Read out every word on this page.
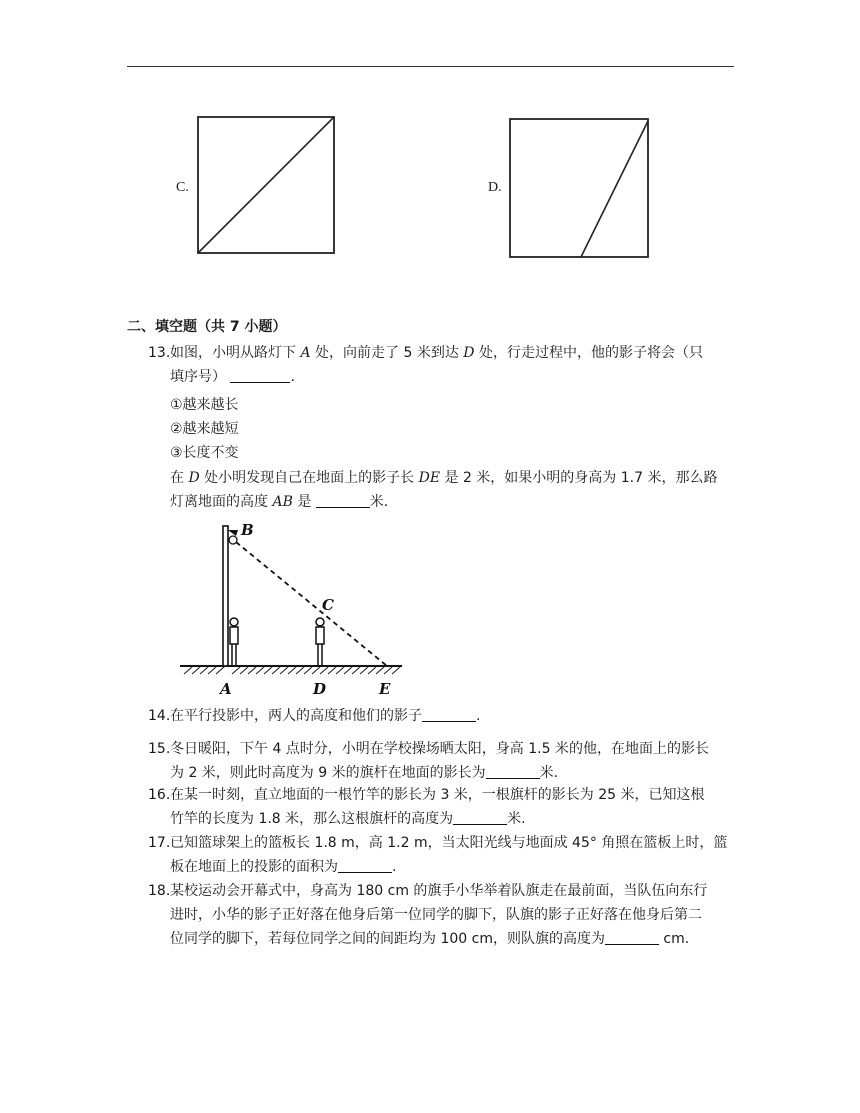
C.	D.
二、填空题（共 7 小题）
13. 如图，小明从路灯下 A 处，向前走了 5 米到达 D 处，行走过程中，他的影子将会（只
填序号）	.
①越来越长
②越来越短
③长度不变
在 D 处小明发现自己在地面上的影子长 DE 是 2 米，如果小明的身高为 1.7 米，那么路
灯离地面的高度 AB 是	米.
B
C
A	D	E
14. 在平行投影中，两人的高度和他们的影子	.
15. 冬日暖阳，下午 4 点时分，小明在学校操场晒太阳，身高 1.5 米的他，在地面上的影长
为 2 米，则此时高度为 9 米的旗杆在地面的影长为	米.
16. 在某一时刻，直立地面的一根竹竿的影长为 3 米，一根旗杆的影长为 25 米，已知这根
竹竿的长度为 1.8 米，那么这根旗杆的高度为	米.
17. 已知篮球架上的篮板长 1.8 m，高 1.2 m，当太阳光线与地面成 45° 角照在篮板上时，篮
板在地面上的投影的面积为	.
18. 某校运动会开幕式中，身高为 180 cm 的旗手小华举着队旗走在最前面，当队伍向东行
进时，小华的影子正好落在他身后第一位同学的脚下，队旗的影子正好落在他身后第二
位同学的脚下，若每位同学之间的间距均为 100 cm，则队旗的高度为	cm.
